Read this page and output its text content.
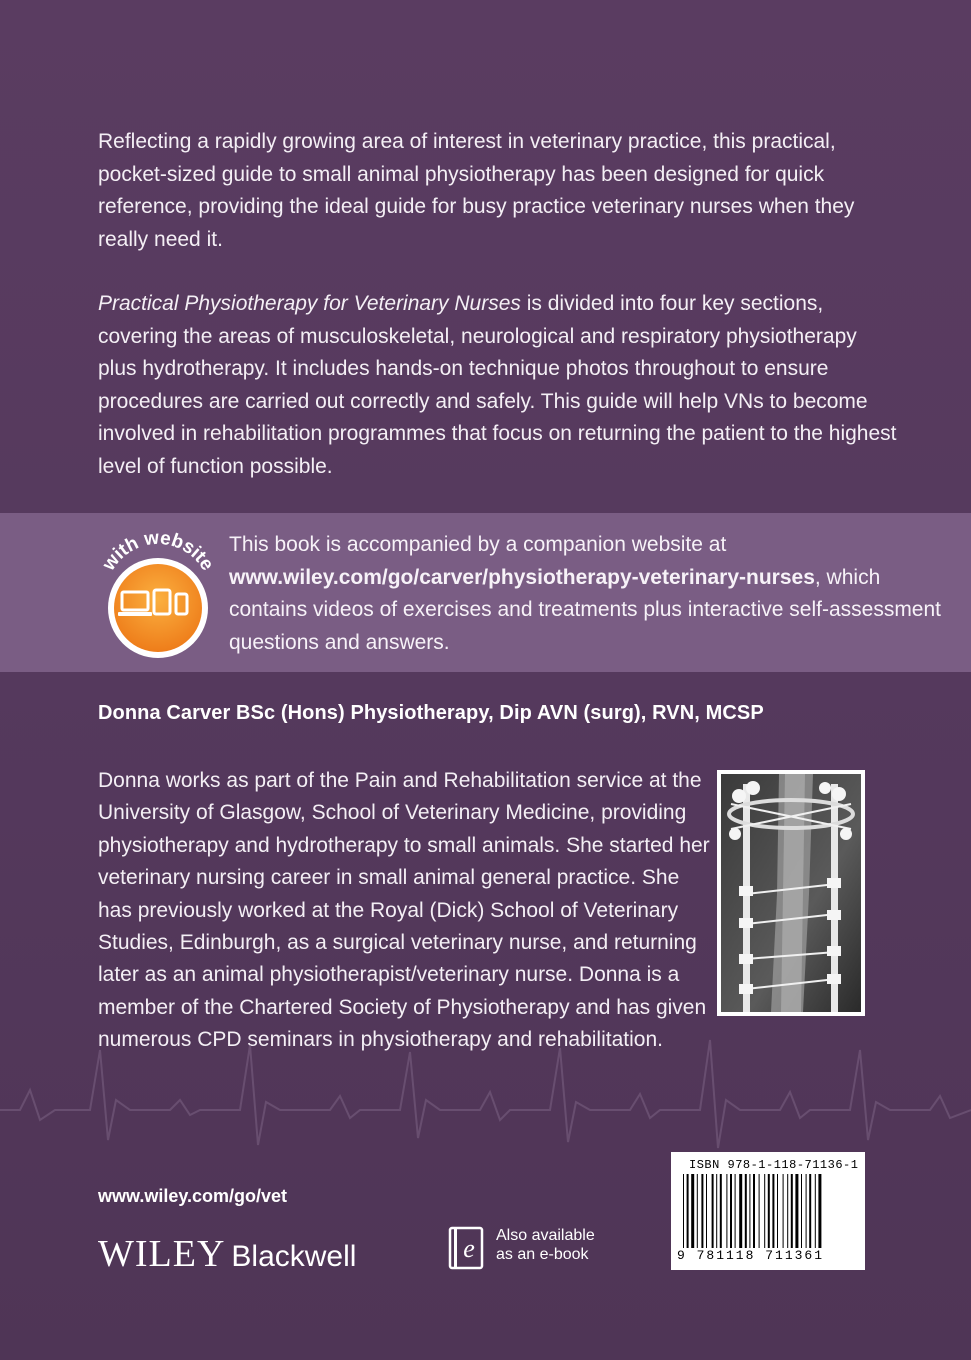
Reflecting a rapidly growing area of interest in veterinary practice, this practical, pocket-sized guide to small animal physiotherapy has been designed for quick reference, providing the ideal guide for busy practice veterinary nurses when they really need it.

Practical Physiotherapy for Veterinary Nurses is divided into four key sections, covering the areas of musculoskeletal, neurological and respiratory physiotherapy plus hydrotherapy. It includes hands-on technique photos throughout to ensure procedures are carried out correctly and safely. This guide will help VNs to become involved in rehabilitation programmes that focus on returning the patient to the highest level of function possible.

with website

This book is accompanied by a companion website at
www.wiley.com/go/carver/physiotherapy-veterinary-nurses, which contains videos of exercises and treatments plus interactive self-assessment questions and answers.

Donna Carver BSc (Hons) Physiotherapy, Dip AVN (surg), RVN, MCSP

Donna works as part of the Pain and Rehabilitation service at the University of Glasgow, School of Veterinary Medicine, providing physiotherapy and hydrotherapy to small animals. She started her veterinary nursing career in small animal general practice. She has previously worked at the Royal (Dick) School of Veterinary Studies, Edinburgh, as a surgical veterinary nurse, and returning later as an animal physiotherapist/veterinary nurse. Donna is a member of the Chartered Society of Physiotherapy and has given numerous CPD seminars in physiotherapy and rehabilitation.

www.wiley.com/go/vet

WILEY Blackwell	e Also available
as an e-book

ISBN 978-1-118-71136-1

9 781118 711361
